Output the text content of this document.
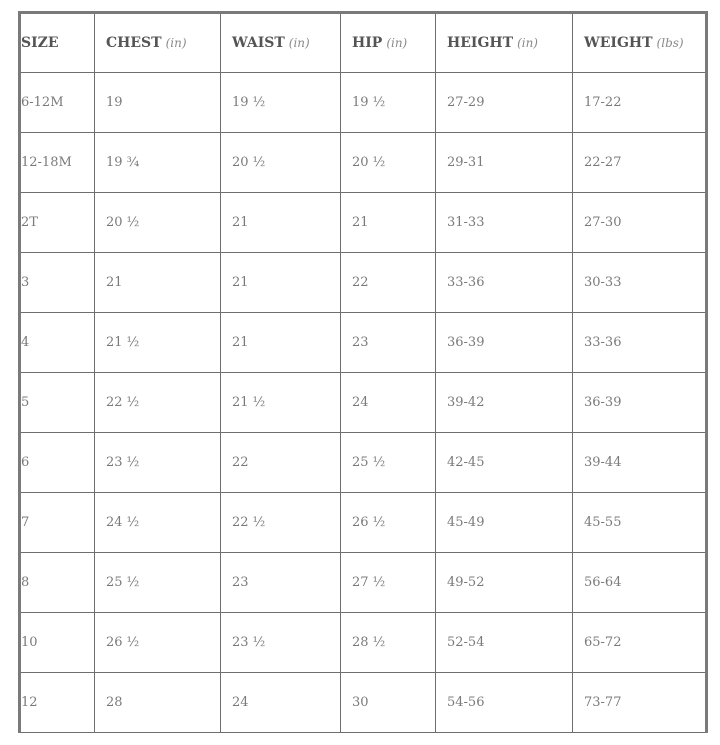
SIZE	CHEST (in)	WAIST (in)	HIP (in)	HEIGHT (in)	WEIGHT (lbs)

6-12M	19	19 ½	19 ½	27-29	17-22

12-18M	19 ¾	20 ½	20 ½	29-31	22-27

2T	20 ½	21	21	31-33	27-30

3	21	21	22	33-36	30-33

4	21 ½	21	23	36-39	33-36

5	22 ½	21 ½	24	39-42	36-39

6	23 ½	22	25 ½	42-45	39-44

7	24 ½	22 ½	26 ½	45-49	45-55

8	25 ½	23	27 ½	49-52	56-64

10	26 ½	23 ½	28 ½	52-54	65-72

12	28	24	30	54-56	73-77
